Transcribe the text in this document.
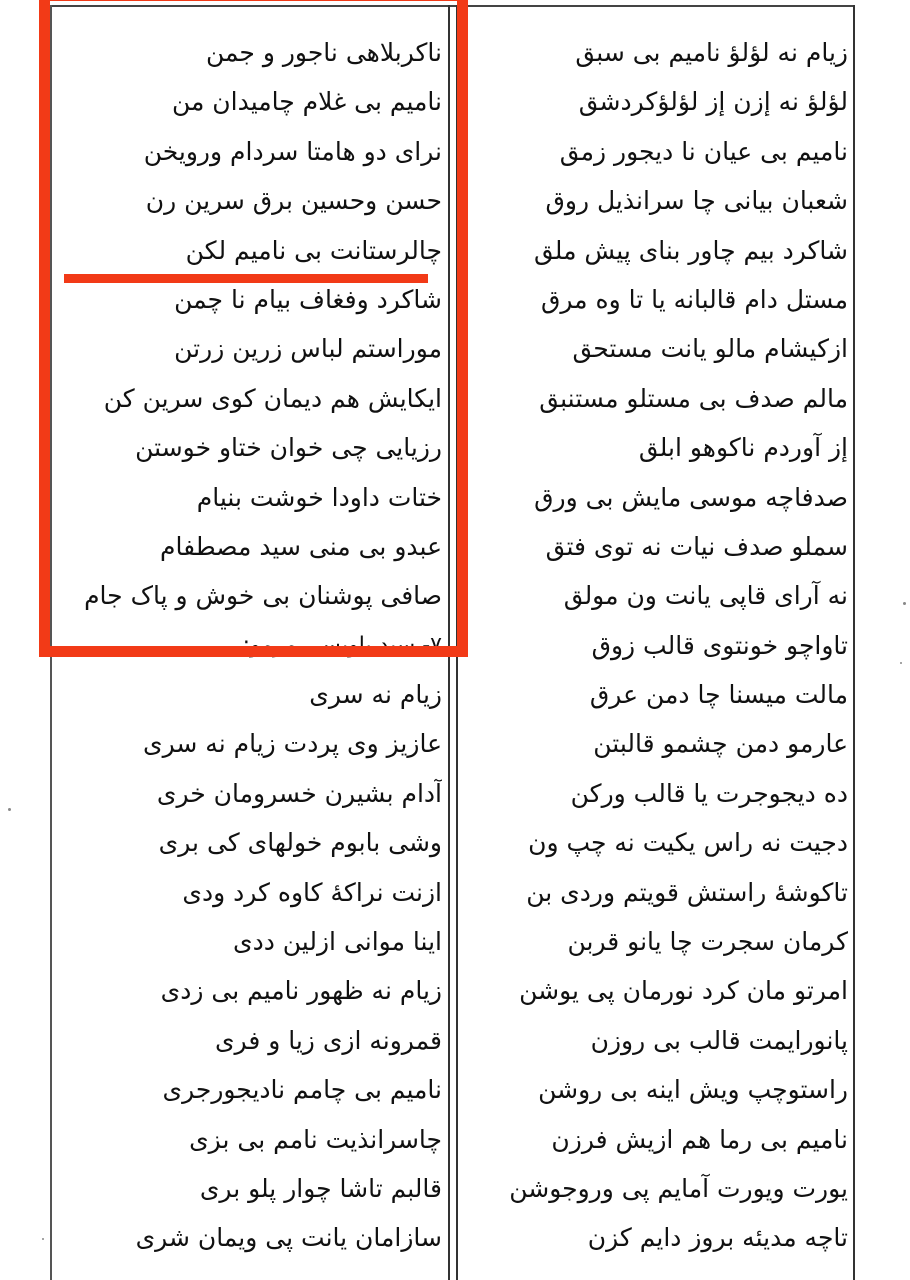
زیام نه لؤلؤ نامیم بی سبق
لؤلؤ نه إزن إز لؤلؤکردشق
نامیم بی عیان نا دیجور زمق
شعبان بیانی چا سرانذیل روق
شاکرد بیم چاور بنای پیش ملق
مستل دام قالبانه یا تا وه مرق
ازکیشام مالو یانت مستحق
مالم صدف بی مستلو مستنبق
إز آوردم ناکوهو ابلق
صدفاچه موسی مایش بی ورق
سملو صدف نیات نه توی فتق
نه آرای قاپی یانت ون مولق
تاواچو خونتوی قالب زوق
مالت میسنا چا دمن عرق
عارمو دمن چشمو قالبتن
ده دیجوجرت یا قالب ورکن
دجیت نه راس یکیت نه چپ ون
تاکوشهٔ راستش قویتم وردی بن
کرمان سجرت چا یانو قربن
امرتو مان کرد نورمان پی یوشن
پانورایمت قالب بی روزن
راستوچپ ویش اینه بی روشن
نامیم بی رما هم ازیش فرزن
یورت ویورت آمایم پی وروجوشن
تاچه مدیئه بروز دایم کزن
ناکربلاهی ناجور و جمن
نامیم بی غلام چامیدان من
نرای دو هامتا سردام ورویخن
حسن وحسین برق سرین رن
چالرستانت بی نامیم لکن
شاکرد وفغاف بیام نا چمن
موراستم لباس زرین زرتن
ایکایش هم دیمان کوی سرین کن
رزیایی چی خوان ختاو خوستن
ختات داودا خوشت بنیام
عبدو بی منی سید مصطفام
صافی پوشنان بی خوش و پاک جام
٧- سید باویسی مرمو:
زیام نه سری
عازیز وی پردت زیام نه سری
آدام بشیرن خسرومان خری
وشی بابوم خولهای کی بری
ازنت نراکهٔ کاوه کرد ودی
اینا موانی ازلین ددی
زیام نه ظهور نامیم بی زدی
قمرونه ازی زیا و فری
نامیم بی چامم نادیجورجری
چاسرانذیت نامم بی بزی
قالبم تاشا چوار پلو بری
سازامان یانت پی ویمان شری
